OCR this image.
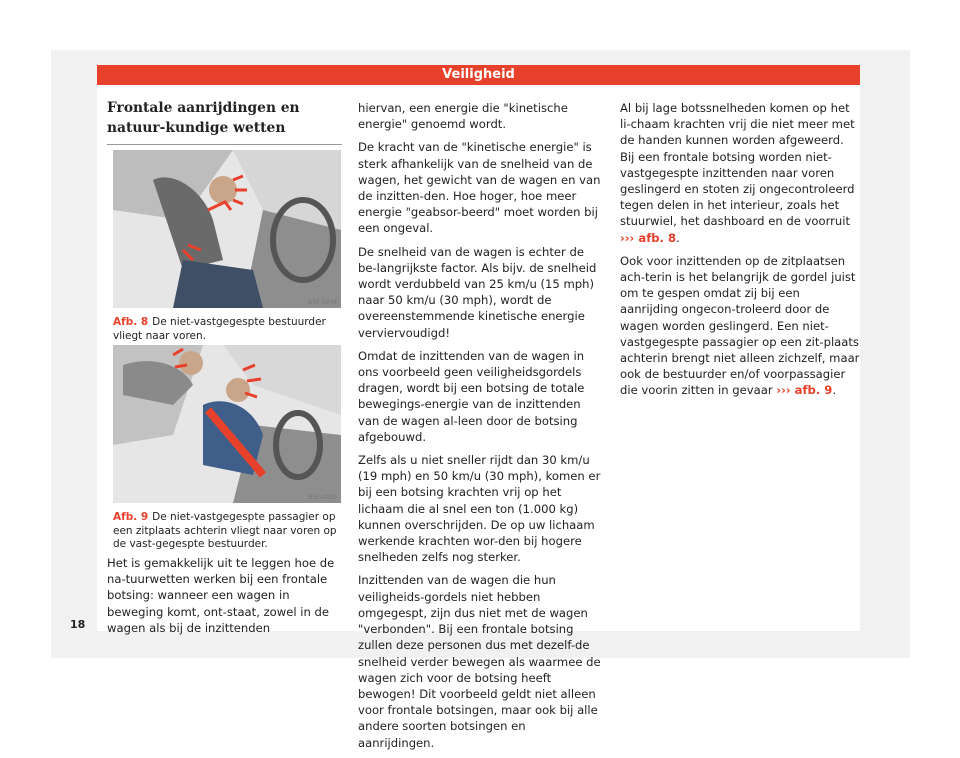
Veiligheid
Frontale aanrijdingen en natuur-kundige wetten
B5F-0938
Afb. 8 De niet-vastgegespte bestuurder vliegt naar voren.
B5F-0939
Afb. 9 De niet-vastgegespte passagier op een zitplaats achterin vliegt naar voren op de vast-gegespte bestuurder.

Het is gemakkelijk uit te leggen hoe de na-tuurwetten werken bij een frontale botsing: wanneer een wagen in beweging komt, ont-staat, zowel in de wagen als bij de inzittenden

hiervan, een energie die "kinetische energie" genoemd wordt.

De kracht van de "kinetische energie" is sterk afhankelijk van de snelheid van de wagen, het gewicht van de wagen en van de inzitten-den. Hoe hoger, hoe meer energie "geabsor-beerd" moet worden bij een ongeval.

De snelheid van de wagen is echter de be-langrijkste factor. Als bijv. de snelheid wordt verdubbeld van 25 km/u (15 mph) naar 50 km/u (30 mph), wordt de overeenstemmende kinetische energie verviervoudigd!

Omdat de inzittenden van de wagen in ons voorbeeld geen veiligheidsgordels dragen, wordt bij een botsing de totale bewegings-energie van de inzittenden van de wagen al-leen door de botsing afgebouwd.

Zelfs als u niet sneller rijdt dan 30 km/u (19 mph) en 50 km/u (30 mph), komen er bij een botsing krachten vrij op het lichaam die al snel een ton (1.000 kg) kunnen overschrijden. De op uw lichaam werkende krachten wor-den bij hogere snelheden zelfs nog sterker.

Inzittenden van de wagen die hun veiligheids-gordels niet hebben omgegespt, zijn dus niet met de wagen "verbonden". Bij een frontale botsing zullen deze personen dus met dezelf-de snelheid verder bewegen als waarmee de wagen zich voor de botsing heeft bewogen! Dit voorbeeld geldt niet alleen voor frontale botsingen, maar ook bij alle andere soorten botsingen en aanrijdingen.

Al bij lage botssnelheden komen op het li-chaam krachten vrij die niet meer met de handen kunnen worden afgeweerd. Bij een frontale botsing worden niet-vastgegespte inzittenden naar voren geslingerd en stoten zij ongecontroleerd tegen delen in het interieur, zoals het stuurwiel, het dashboard en de voorruit ››› afb. 8.

Ook voor inzittenden op de zitplaatsen ach-terin is het belangrijk de gordel juist om te gespen omdat zij bij een aanrijding ongecon-troleerd door de wagen worden geslingerd. Een niet-vastgegespte passagier op een zit-plaats achterin brengt niet alleen zichzelf, maar ook de bestuurder en/of voorpassagier die voorin zitten in gevaar ››› afb. 9.

18
